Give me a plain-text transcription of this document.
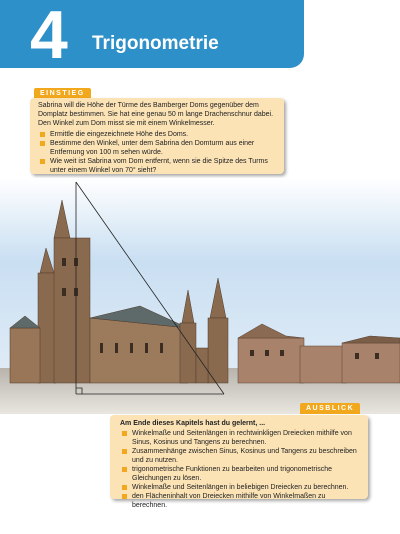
4 Trigonometrie
EINSTIEG

Sabrina will die Höhe der Türme des Bamberger Doms gegenüber dem Domplatz bestimmen. Sie hat eine genau 50 m lange Drachenschnur dabei. Den Winkel zum Dom misst sie mit einem Winkelmesser.

Ermittle die eingezeichnete Höhe des Doms.
Bestimme den Winkel, unter dem Sabrina den Domturm aus einer Entfernung von 100 m sehen würde.
Wie weit ist Sabrina vom Dom entfernt, wenn sie die Spitze des Turms unter einem Winkel von 70° sieht?
AUSBLICK

Am Ende dieses Kapitels hast du gelernt, ...

Winkelmaße und Seitenlängen in rechtwinkligen Dreiecken mithilfe von Sinus, Kosinus und Tangens zu berechnen.
Zusammenhänge zwischen Sinus, Kosinus und Tangens zu beschreiben und zu nutzen.
trigonometrische Funktionen zu bearbeiten und trigonometrische Gleichungen zu lösen.
Winkelmaße und Seitenlängen in beliebigen Dreiecken zu berechnen.
den Flächeninhalt von Dreiecken mithilfe von Winkelmaßen zu berechnen.
